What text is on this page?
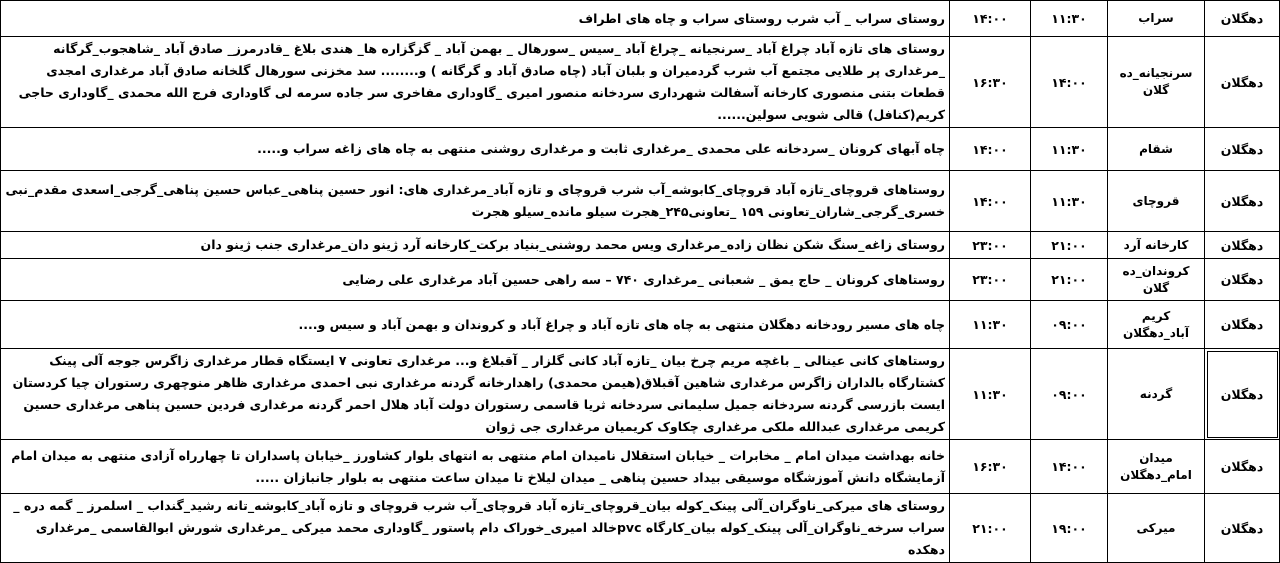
دهگلان	سراب	۱۱:۳۰	۱۴:۰۰	روستای سراب _ آب شرب روستای سراب و چاه های اطراف
دهگلان	سرنجیانه_ده گلان	۱۴:۰۰	۱۶:۳۰	روستای های تازه آباد چراغ آباد _سرنجیانه _چراغ آباد _سیس _سورهال _ بهمن آباد _ گزگزاره ها_ هندی بلاغ _قادرمرز_ صادق آباد _شاهجوب_گرگانه _مرغداری پر طلایی مجتمع آب شرب گردمیران و بلبان آباد (چاه صادق آباد و گرگانه ) و........ سد مخزنی سورهال گلخانه صادق آباد مرغداری امجدی قطعات بتنی منصوری کارخانه آسفالت شهرداری سردخانه منصور امیری _گاوداری مفاخری سر جاده سرمه لی گاوداری فرج الله محمدی _گاوداری حاجی کریم(کنافل) قالی شویی سولین......
دهگلان	شقام	۱۱:۳۰	۱۴:۰۰	چاه آبهای کرونان _سردخانه علی محمدی _مرغداری ثابت و مرغداری روشنی منتهی به چاه های زاغه سراب و.....
دهگلان	قروچای	۱۱:۳۰	۱۴:۰۰	روستاهای قروچای_تازه آباد قروچای_کابوشه_آب شرب قروچای و تازه آباد_مرغداری های: انور حسین پناهی_عباس حسین پناهی_گرجی_اسعدی مقدم_نبی خسری_گرجی_شاران_تعاونی ۱۵۹ _تعاونی۲۴۵_هجرت سیلو مانده_سیلو هجرت
دهگلان	کارخانه آرد	۲۱:۰۰	۲۳:۰۰	روستای زاغه_سنگ شکن نظان زاده_مرغداری ویس محمد روشنی_بنیاد برکت_کارخانه آرد ژینو دان_مرغداری جنب ژینو دان
دهگلان	کروندان_ده گلان	۲۱:۰۰	۲۳:۰۰	روستاهای کرونان _ حاج یمق _ شعبانی _مرغداری ۷۴۰ – سه راهی حسین آباد مرغداری علی رضایی
دهگلان	کریم آباد_دهگلان	۰۹:۰۰	۱۱:۳۰	چاه های مسیر رودخانه دهگلان منتهی به چاه های تازه آباد و چراغ آباد و کروندان و بهمن آباد و سیس و....
دهگلان	گردنه	۰۹:۰۰	۱۱:۳۰	روستاهای کانی عینالی _ باغچه مریم چرخ بیان _تازه آباد کانی گلزار _ آقبلاغ و... مرغداری تعاونی ۷ ایستگاه قطار مرغداری زاگرس جوجه آلی پینک کشتارگاه بالداران زاگرس مرغداری شاهین آقبلاق(هیمن محمدی) راهدارخانه گردنه مرغداری نبی احمدی مرغداری ظاهر منوچهری رستوران چیا کردستان ایست بازرسی گردنه سردخانه جمیل سلیمانی سردخانه ثریا قاسمی رستوران دولت آباد هلال احمر گردنه مرغداری فردین حسین پناهی مرغداری حسین کریمی مرغداری عبدالله ملکی مرغداری چکاوک کریمیان مرغداری جی ژوان
دهگلان	میدان امام_دهگلان	۱۴:۰۰	۱۶:۳۰	خانه بهداشت میدان امام _ مخابرات _ خیابان استقلال نامیدان امام منتهی به انتهای بلوار کشاورز _خیابان پاسداران تا چهارراه آزادی منتهی به میدان امام آزمایشگاه دانش آموزشگاه موسیقی بیداد حسین پناهی _ میدان لیلاخ تا میدان ساعت منتهی به بلوار جانبازان .....
دهگلان	میرکی	۱۹:۰۰	۲۱:۰۰	روستای های میرکی_ناوگران_آلی پینک_کوله بیان_قروچای_تازه آباد قروچای_آب شرب قروچای و تازه آباد_کابوشه_تانه رشید_گنداب _ اسلمرز _ گمه دره _ سراب سرخه_ناوگران_آلی پینک_کوله بیان_کارگاه pvcخالد امیری_خوراک دام پاستور _گاوداری محمد میرکی _مرغداری شورش ابوالقاسمی _مرغداری دهکده
